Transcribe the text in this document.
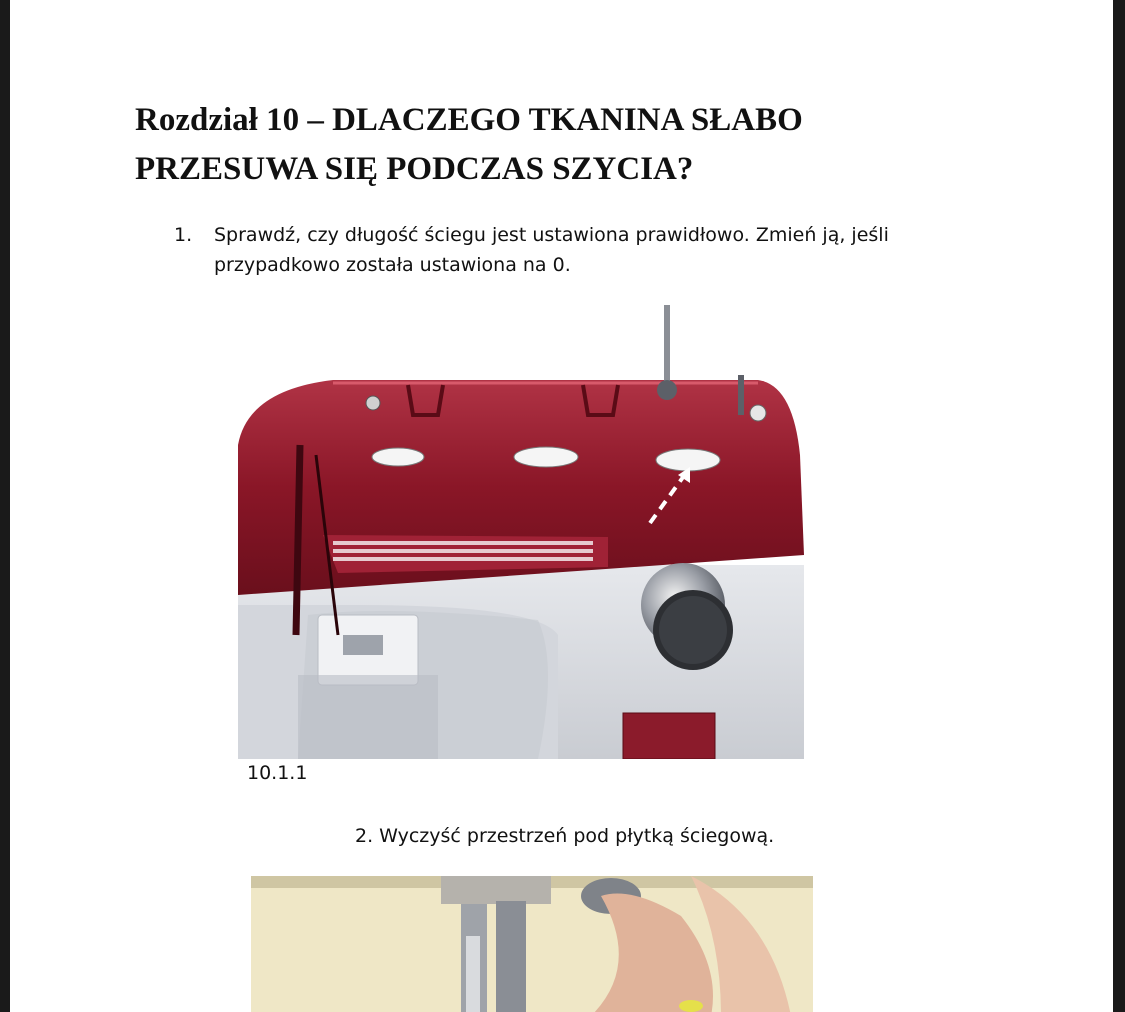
Rozdział 10 – DLACZEGO TKANINA SŁABO
PRZESUWA SIĘ PODCZAS SZYCIA?
1. Sprawdź, czy długość ściegu jest ustawiona prawidłowo. Zmień ją, jeśli przypadkowo została ustawiona na 0.
10.1.1
2. Wyczyść przestrzeń pod płytką ściegową.
